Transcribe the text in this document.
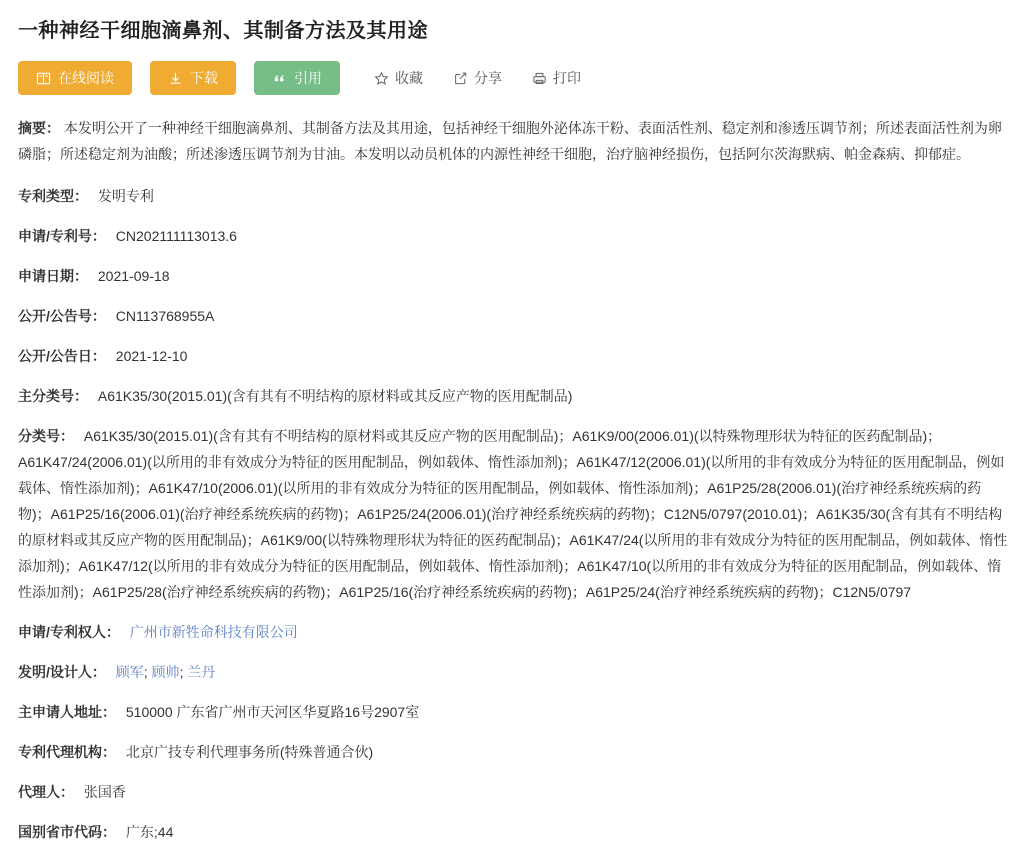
一种神经干细胞滴鼻剂、其制备方法及其用途
在线阅读	下载	引用	收藏	分享	打印
摘要： 本发明公开了一种神经干细胞滴鼻剂、其制备方法及其用途，包括神经干细胞外泌体冻干粉、表面活性剂、稳定剂和渗透压调节剂；所述表面活性剂为卵磷脂；所述稳定剂为油酸；所述渗透压调节剂为甘油。本发明以动员机体的内源性神经干细胞，治疗脑神经损伤，包括阿尔茨海默病、帕金森病、抑郁症。
专利类型： 发明专利
申请/专利号： CN202111113013.6
申请日期： 2021-09-18
公开/公告号： CN113768955A
公开/公告日： 2021-12-10
主分类号： A61K35/30(2015.01)(含有其有不明结构的原材料或其反应产物的医用配制品)
分类号： A61K35/30(2015.01)(含有其有不明结构的原材料或其反应产物的医用配制品)；A61K9/00(2006.01)(以特殊物理形状为特征的医药配制品)；A61K47/24(2006.01)(以所用的非有效成分为特征的医用配制品，例如载体、惰性添加剂)；A61K47/12(2006.01)(以所用的非有效成分为特征的医用配制品，例如载体、惰性添加剂)；A61K47/10(2006.01)(以所用的非有效成分为特征的医用配制品，例如载体、惰性添加剂)；A61P25/28(2006.01)(治疗神经系统疾病的药物)；A61P25/16(2006.01)(治疗神经系统疾病的药物)；A61P25/24(2006.01)(治疗神经系统疾病的药物)；C12N5/0797(2010.01)；A61K35/30(含有其有不明结构的原材料或其反应产物的医用配制品)；A61K9/00(以特殊物理形状为特征的医药配制品)；A61K47/24(以所用的非有效成分为特征的医用配制品，例如载体、惰性添加剂)；A61K47/12(以所用的非有效成分为特征的医用配制品，例如载体、惰性添加剂)；A61K47/10(以所用的非有效成分为特征的医用配制品，例如载体、惰性添加剂)；A61P25/28(治疗神经系统疾病的药物)；A61P25/16(治疗神经系统疾病的药物)；A61P25/24(治疗神经系统疾病的药物)；C12N5/0797
申请/专利权人： 广州市新牲命科技有限公司
发明/设计人： 顾军; 顾帅; 兰丹
主申请人地址： 510000 广东省广州市天河区华夏路16号2907室
专利代理机构： 北京广技专利代理事务所(特殊普通合伙)
代理人： 张国香
国别省市代码： 广东;44
